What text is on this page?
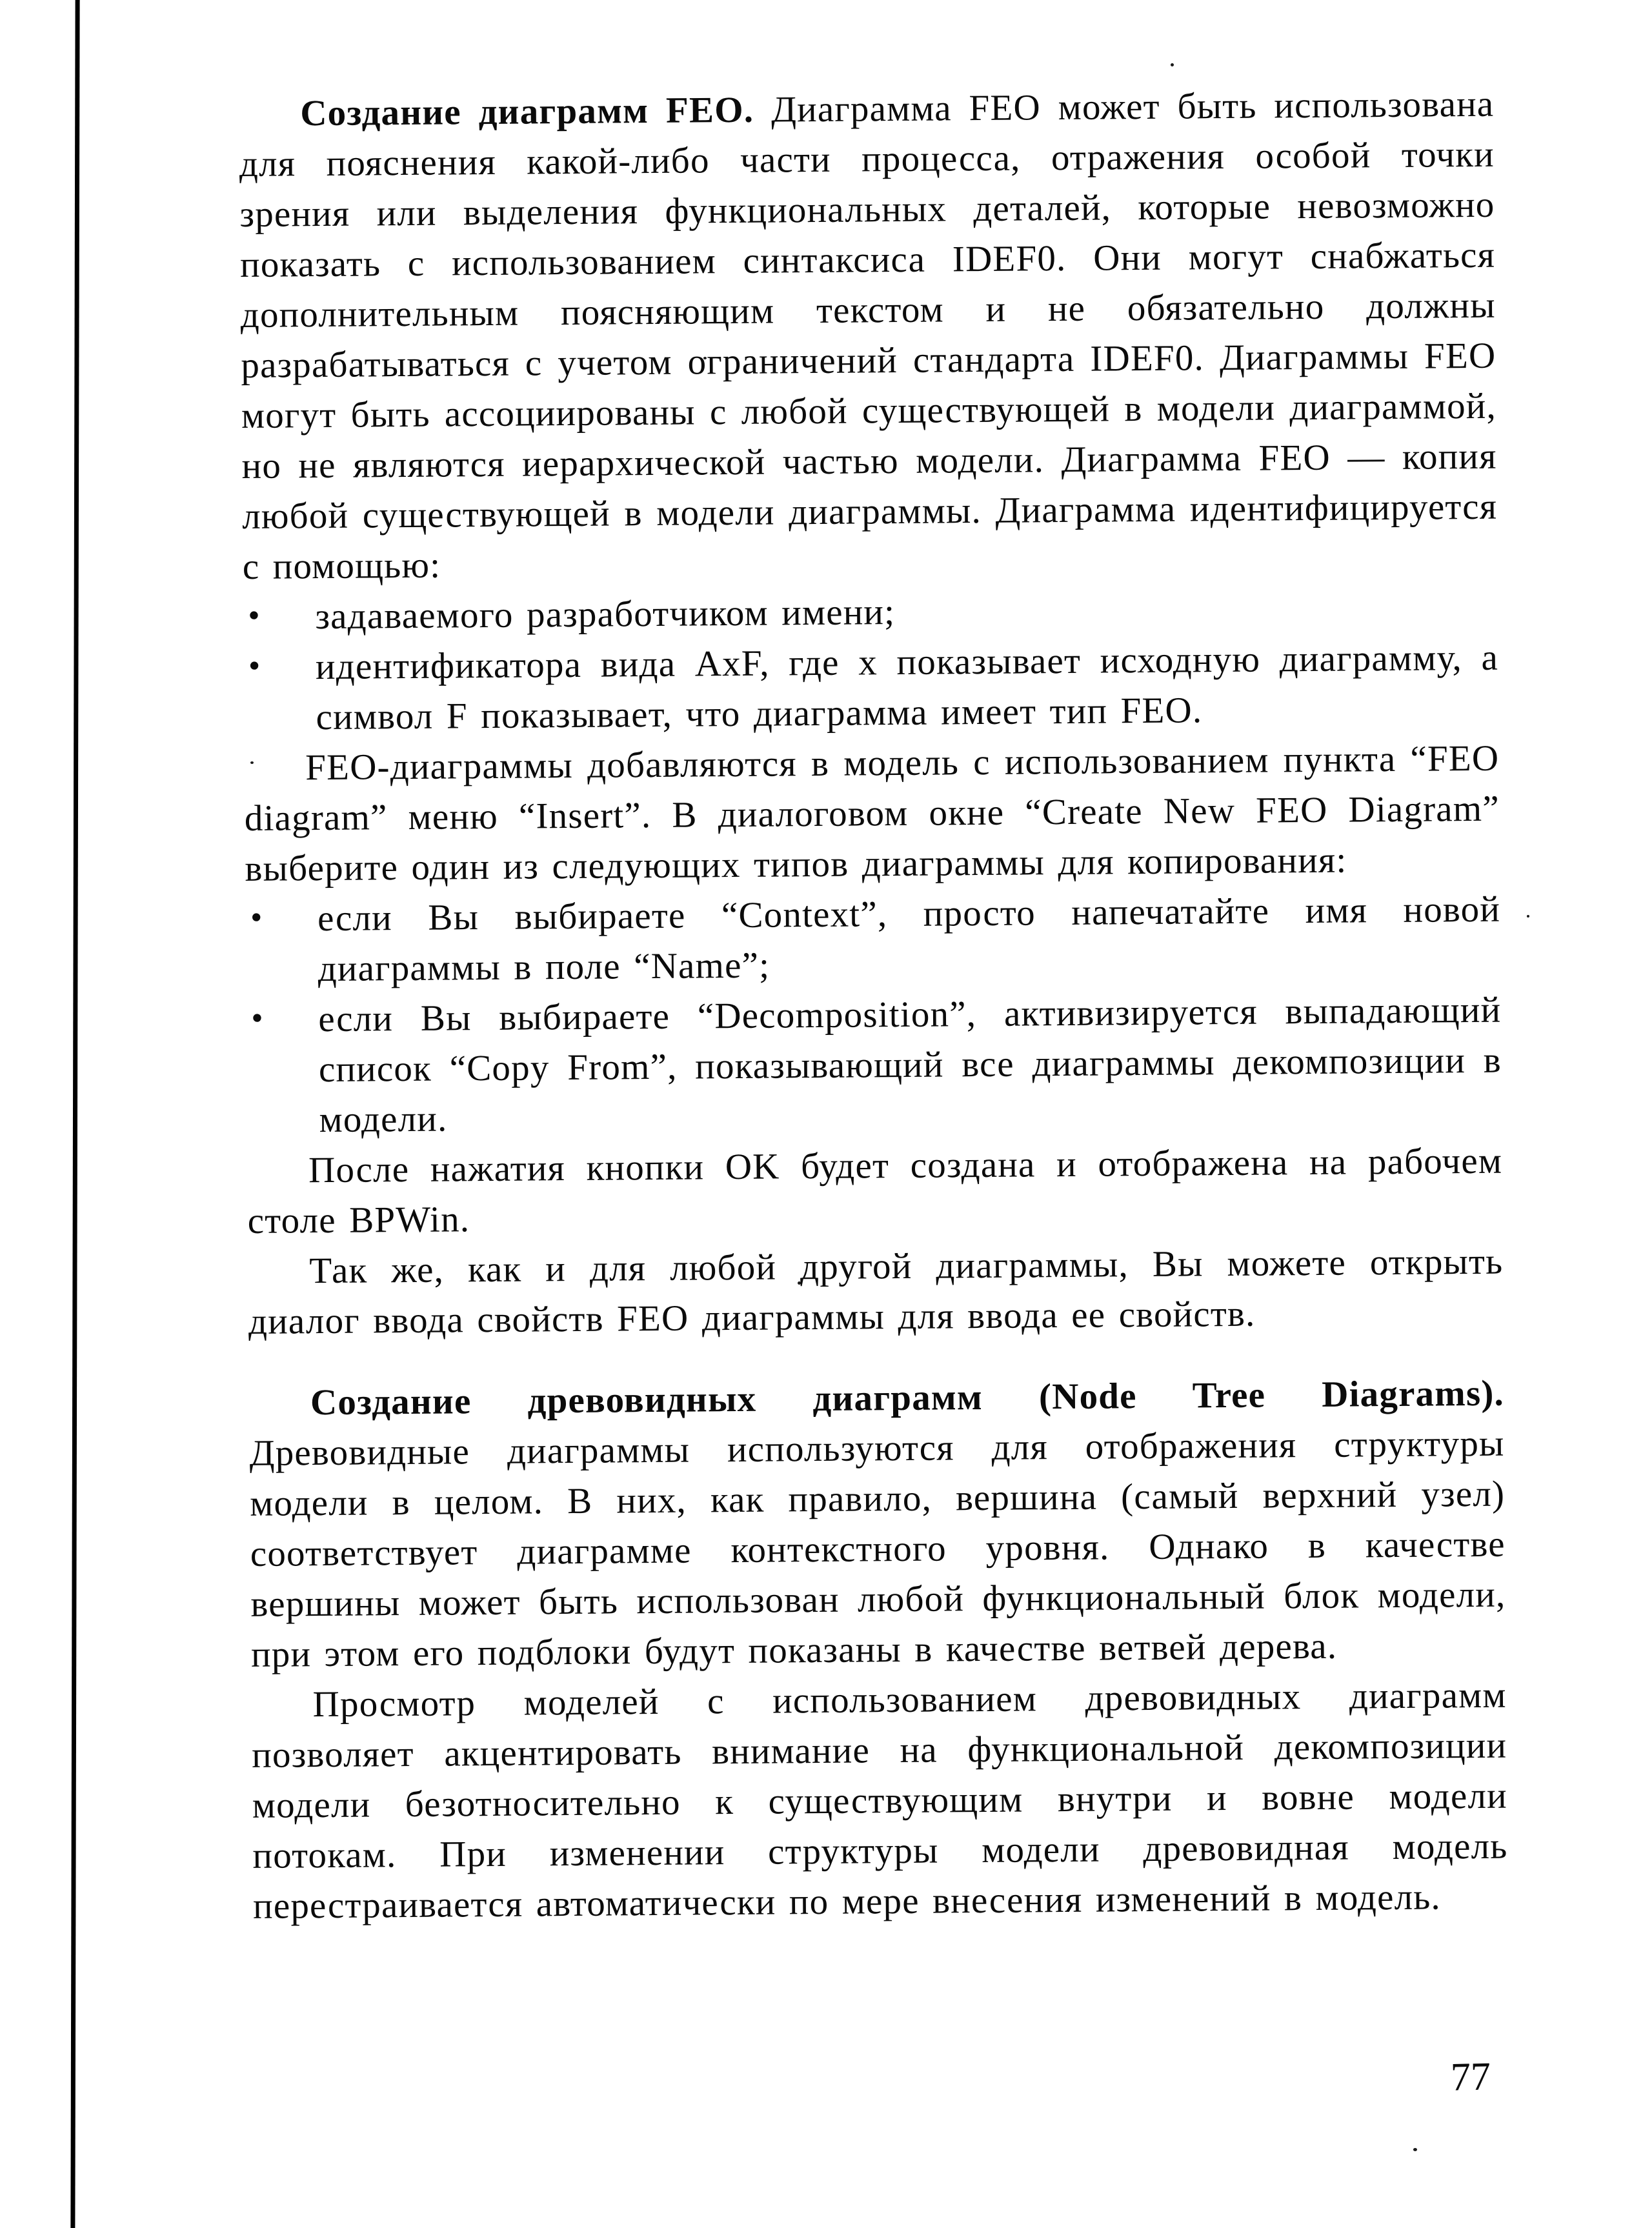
Создание диаграмм FEO. Диаграмма FEO может быть использована для пояснения какой-либо части процесса, отражения особой точки зрения или выделения функциональных деталей, которые невозможно показать с использованием синтаксиса IDEF0. Они могут снабжаться дополнительным поясняющим текстом и не обязательно должны разрабатываться с учетом ограничений стандарта IDEF0. Диаграммы FEO могут быть ассоциированы с любой существующей в модели диаграммой, но не являются иерархической частью модели. Диаграмма FEO — копия любой существующей в модели диаграммы. Диаграмма идентифицируется с помощью:

• задаваемого разработчиком имени;
• идентификатора вида AxF, где x показывает исходную диаграмму, а символ F показывает, что диаграмма имеет тип FEO.

FEO-диаграммы добавляются в модель с использованием пункта “FEO diagram” меню “Insert”. В диалоговом окне “Create New FEO Diagram” выберите один из следующих типов диаграммы для копирования:

• если Вы выбираете “Context”, просто напечатайте имя новой диаграммы в поле “Name”;
• если Вы выбираете “Decomposition”, активизируется выпадающий список “Copy From”, показывающий все диаграммы декомпозиции в модели.

После нажатия кнопки OK будет создана и отображена на рабочем столе BPWin.

Так же, как и для любой другой диаграммы, Вы можете открыть диалог ввода свойств FEO диаграммы для ввода ее свойств.

Создание древовидных диаграмм (Node Tree Diagrams). Древовидные диаграммы используются для отображения структуры модели в целом. В них, как правило, вершина (самый верхний узел) соответствует диаграмме контекстного уровня. Однако в качестве вершины может быть использован любой функциональный блок модели, при этом его подблоки будут показаны в качестве ветвей дерева.

Просмотр моделей с использованием древовидных диаграмм позволяет акцентировать внимание на функциональной декомпозиции модели безотносительно к существующим внутри и вовне модели потокам. При изменении структуры модели древовидная модель перестраивается автоматически по мере внесения изменений в модель.

77
